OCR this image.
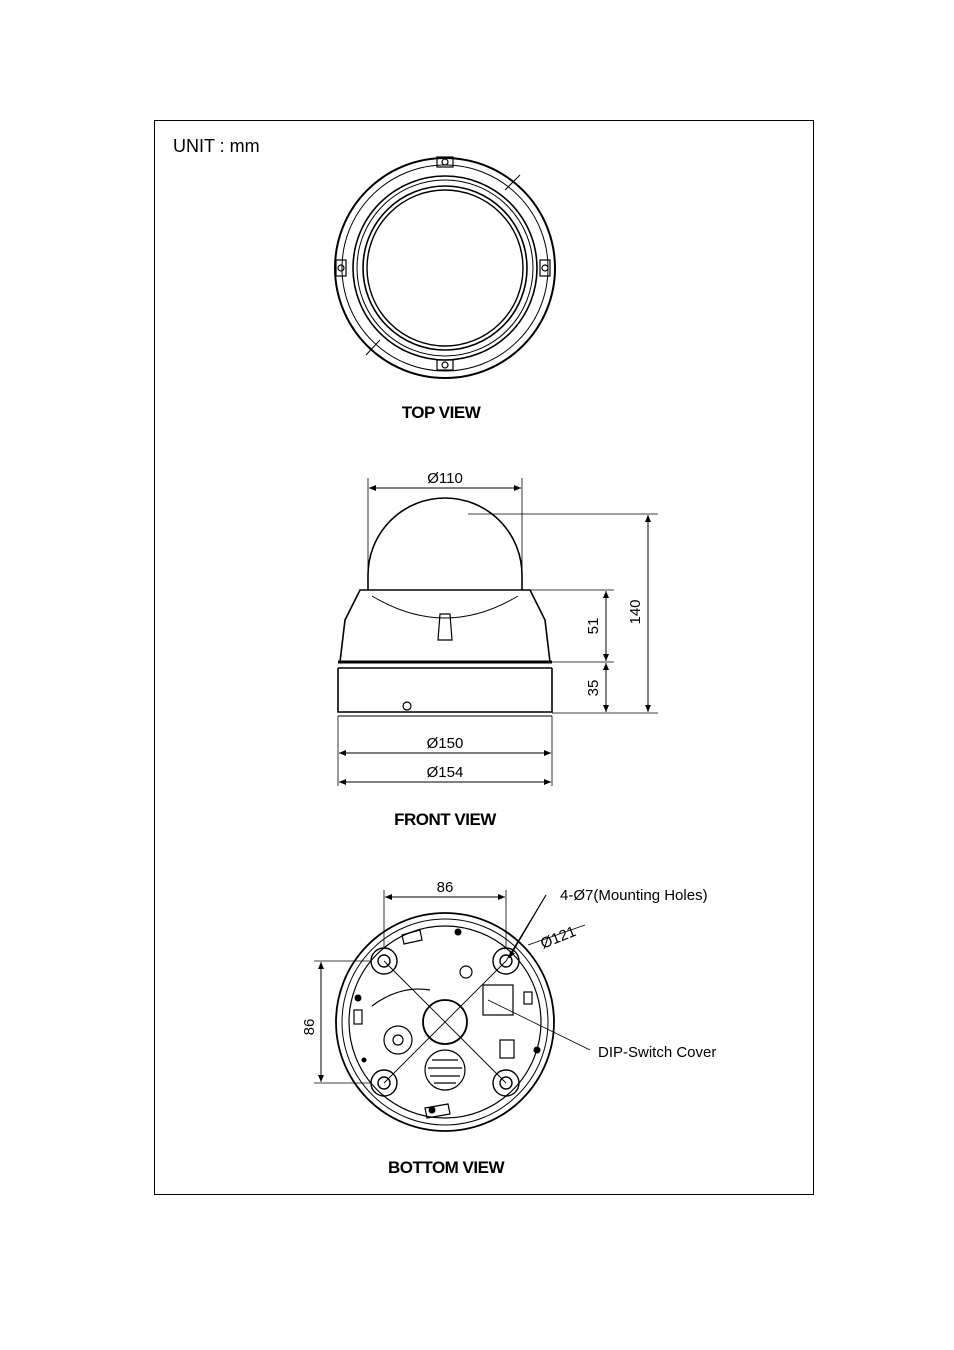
UNIT : mm
TOP VIEW
Ø110
Ø150
Ø154
140
51
35
FRONT VIEW
86
86
Ø121
4-Ø7(Mounting Holes)
DIP-Switch Cover
BOTTOM VIEW
